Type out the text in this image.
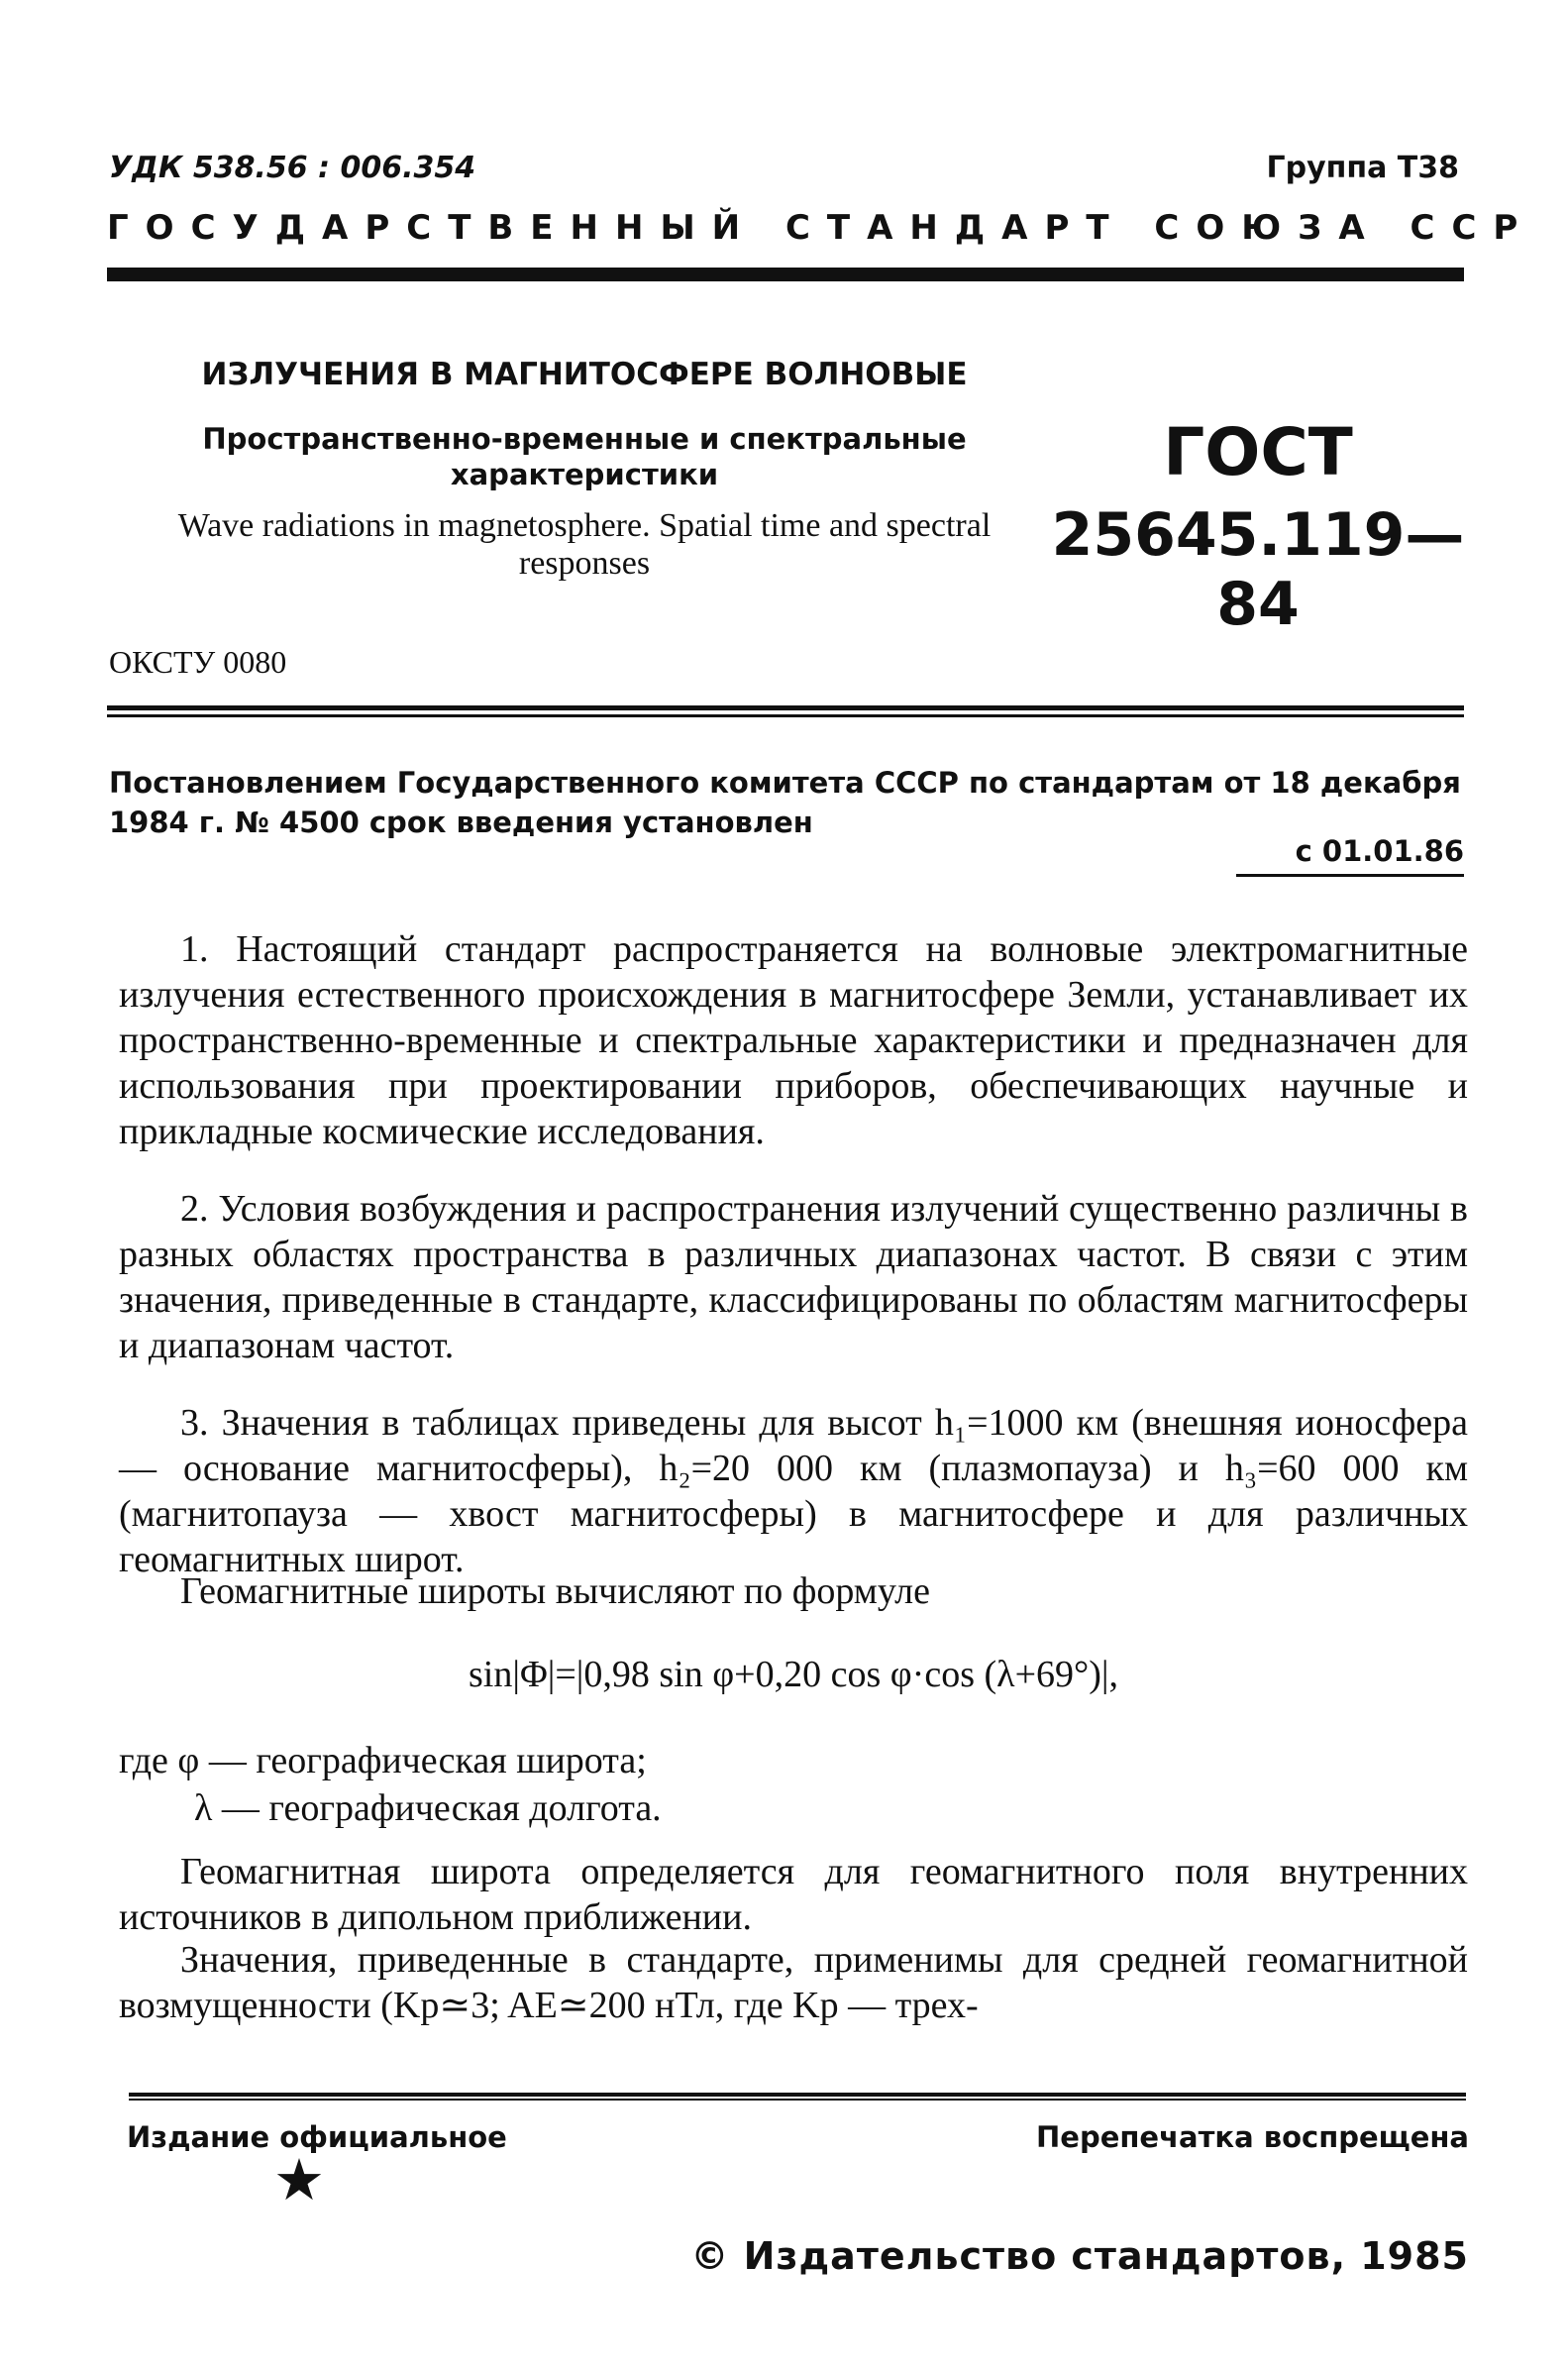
УДК 538.56 : 006.354	Группа Т38
ГОСУДАРСТВЕННЫЙ СТАНДАРТ СОЮЗА ССР
ИЗЛУЧЕНИЯ В МАГНИТОСФЕРЕ ВОЛНОВЫЕ
Пространственно-временные и спектральные характеристики
Wave radiations in magnetosphere. Spatial time and spectral responses
ГОСТ
25645.119—84
ОКСТУ 0080
Постановлением Государственного комитета СССР по стандартам от 18 декабря 1984 г. № 4500 срок введения установлен
с 01.01.86
1. Настоящий стандарт распространяется на волновые электромагнитные излучения естественного происхождения в магнитосфере Земли, устанавливает их пространственно-временные и спектральные характеристики и предназначен для использования при проектировании приборов, обеспечивающих научные и прикладные космические исследования.
2. Условия возбуждения и распространения излучений существенно различны в разных областях пространства в различных диапазонах частот. В связи с этим значения, приведенные в стандарте, классифицированы по областям магнитосферы и диапазонам частот.
3. Значения в таблицах приведены для высот h₁=1000 км (внешняя ионосфера — основание магнитосферы), h₂=20 000 км (плазмопауза) и h₃=60 000 км (магнитопауза — хвост магнитосферы) в магнитосфере и для различных геомагнитных широт.
Геомагнитные широты вычисляют по формуле
sin|Φ|=|0,98 sin φ+0,20 cos φ·cos (λ+69°)|,
где φ — географическая широта;
λ — географическая долгота.
Геомагнитная широта определяется для геомагнитного поля внутренних источников в дипольном приближении.
Значения, приведенные в стандарте, применимы для средней геомагнитной возмущенности (Kp≃3; AE≃200 нТл, где Kp — трех-
Издание официальное	Перепечатка воспрещена
★
© Издательство стандартов, 1985
